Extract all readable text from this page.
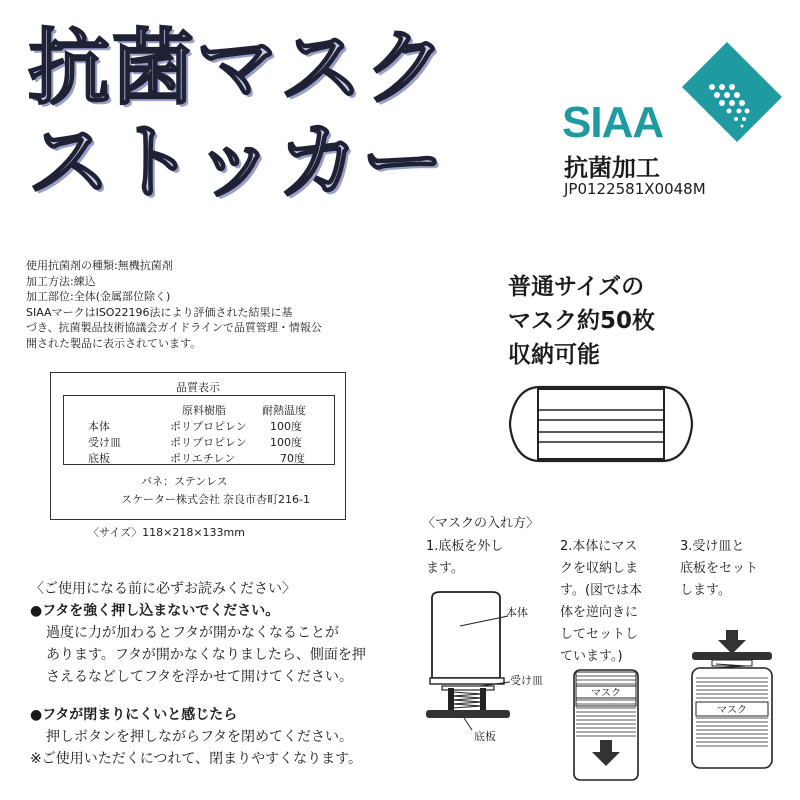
抗菌マスク
ストッカー	SIAA
抗菌加工
JP0122581X0048M
使用抗菌剤の種類:無機抗菌剤
加工方法:練込
加工部位:全体(金属部位除く)
SIAAマークはISO22196法により評価された結果に基
づき、抗菌製品技術協議会ガイドラインで品質管理・情報公
開された製品に表示されています。
品質表示
原料樹脂	耐熱温度
本体	ポリプロピレン 100度
受け皿	ポリプロピレン 100度
底板	ポリエチレン	70度
バネ：ステンレス
スケーター株式会社 奈良市杏町216-1
〈サイズ〉118×218×133mm
普通サイズの
マスク約50枚
収納可能
〈マスクの入れ方〉
1.底板を外し
ます。
2.本体にマス
クを収納しま
す。(図では本
体を逆向きに
してセットし
ています。)
3.受け皿と
底板をセット
します。
本体
受け皿
底板
マスク
マスク
〈ご使用になる前に必ずお読みください〉
●フタを強く押し込まないでください。
過度に力が加わるとフタが開かなくなることが
あります。フタが開かなくなりましたら、側面を押
さえるなどしてフタを浮かせて開けてください。
●フタが閉まりにくいと感じたら
押しボタンを押しながらフタを閉めてください。
※ご使用いただくにつれて、閉まりやすくなります。
